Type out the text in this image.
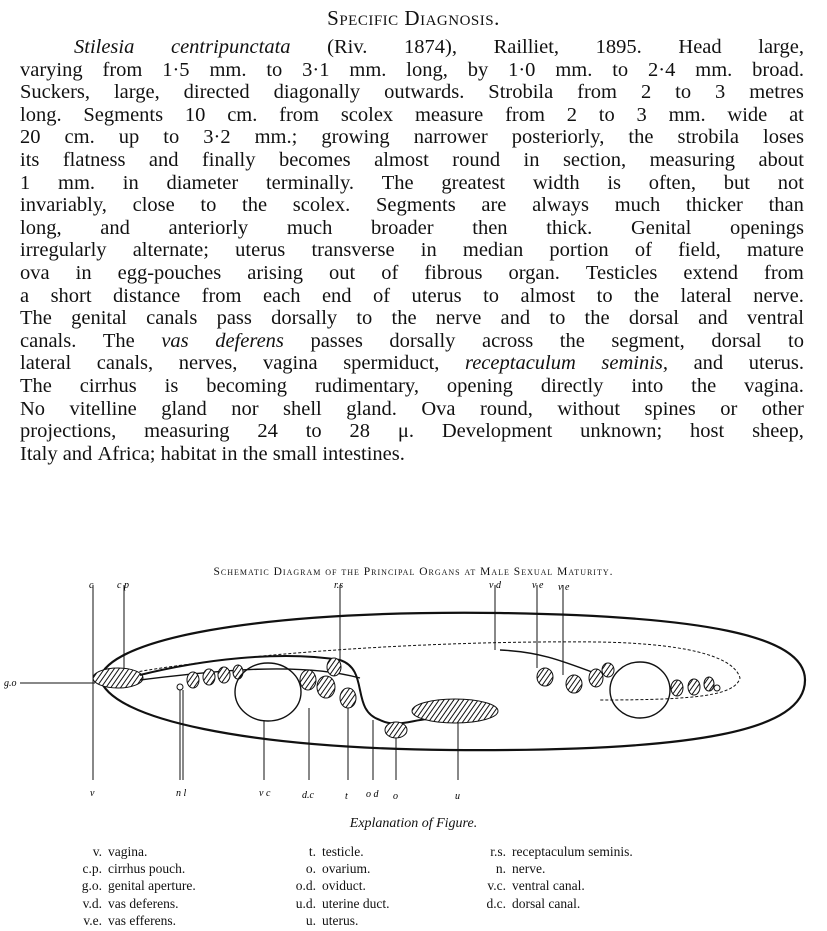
Specific Diagnosis.
Stilesia centripunctata (Riv. 1874), Railliet, 1895. Head large,
varying from 1·5 mm. to 3·1 mm. long, by 1·0 mm. to 2·4 mm. broad.
Suckers, large, directed diagonally outwards. Strobila from 2 to 3 metres
long. Segments 10 cm. from scolex measure from 2 to 3 mm. wide at
20 cm. up to 3·2 mm.; growing narrower posteriorly, the strobila loses
its flatness and finally becomes almost round in section, measuring about
1 mm. in diameter terminally. The greatest width is often, but not
invariably, close to the scolex. Segments are always much thicker than
long, and anteriorly much broader then thick. Genital openings
irregularly alternate; uterus transverse in median portion of field, mature
ova in egg-pouches arising out of fibrous organ. Testicles extend from
a short distance from each end of uterus to almost to the lateral nerve.
The genital canals pass dorsally to the nerve and to the dorsal and ventral
canals. The vas deferens passes dorsally across the segment, dorsal to
lateral canals, nerves, vagina spermiduct, receptaculum seminis, and uterus.
The cirrhus is becoming rudimentary, opening directly into the vagina.
No vitelline gland nor shell gland. Ova round, without spines or other
projections, measuring 24 to 28 μ. Development unknown; host sheep,
Italy and Africa; habitat in the small intestines.
Schematic Diagram of the Principal Organs at Male Sexual Maturity.
c c p	r.s	v d	v e v e
g.o
v	n l	v c	d.c	t o d o	u
Explanation of Figure.
v. vagina.
c.p. cirrhus pouch.
g.o. genital aperture.
v.d. vas deferens.
v.e. vas efferens.
t. testicle.
o. ovarium.
o.d. oviduct.
u.d. uterine duct.
u. uterus.
r.s. receptaculum seminis.
n. nerve.
v.c. ventral canal.
d.c. dorsal canal.
